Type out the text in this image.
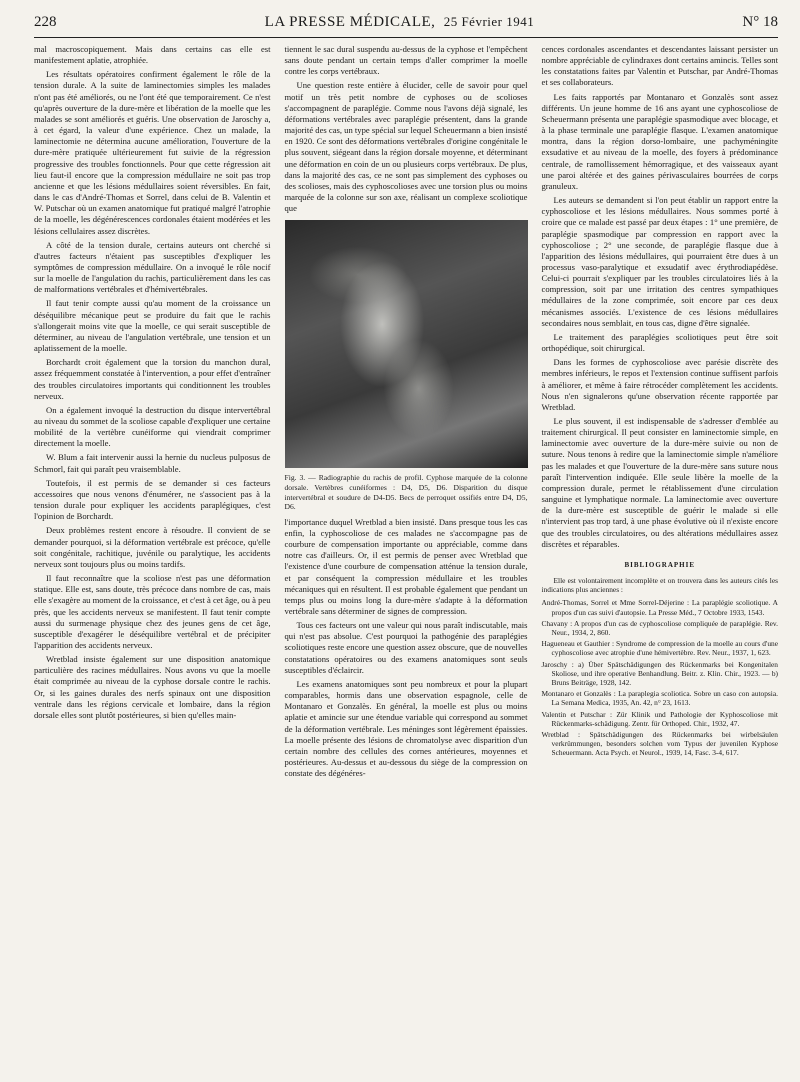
228	LA PRESSE MÉDICALE, 25 Février 1941	N° 18

mal macroscopiquement. Mais dans certains cas elle est manifestement aplatie, atrophiée.

Les résultats opératoires confirment également le rôle de la tension durale. A la suite de laminectomies simples les malades n'ont pas été améliorés, ou ne l'ont été que temporairement. Ce n'est qu'après ouverture de la dure-mère et libération de la moelle que les malades se sont améliorés et guéris. Une observation de Jaroschy a, à cet égard, la valeur d'une expérience. Chez un malade, la laminectomie ne détermina aucune amélioration, l'ouverture de la dure-mère pratiquée ultérieurement fut suivie de la régression progressive des troubles fonctionnels. Pour que cette régression ait lieu faut-il encore que la compression médullaire ne soit pas trop ancienne et que les lésions médullaires soient réversibles. En fait, dans le cas d'André-Thomas et Sorrel, dans celui de B. Valentin et W. Putschar où un examen anatomique fut pratiqué malgré l'atrophie de la moelle, les dégénérescences cordonales étaient modérées et les lésions cellulaires assez discrètes.

A côté de la tension durale, certains auteurs ont cherché si d'autres facteurs n'étaient pas susceptibles d'expliquer les symptômes de compression médullaire. On a invoqué le rôle nocif sur la moelle de l'angulation du rachis, particulièrement dans les cas de malformations vertébrales et d'hémivertébrales.

Il faut tenir compte aussi qu'au moment de la croissance un déséquilibre mécanique peut se produire du fait que le rachis s'allongerait moins vite que la moelle, ce qui serait susceptible de déterminer, au niveau de l'angulation vertébrale, une tension et un aplatissement de la moelle.

Borchardt croit également que la torsion du manchon dural, assez fréquemment constatée à l'intervention, a pour effet d'entraîner des troubles circulatoires importants qui conditionnent les troubles nerveux.

On a également invoqué la destruction du disque intervertébral au niveau du sommet de la scoliose capable d'expliquer une certaine mobilité de la vertèbre cunéiforme qui viendrait comprimer directement la moelle.

W. Blum a fait intervenir aussi la hernie du nucleus pulposus de Schmorl, fait qui paraît peu vraisemblable.

Toutefois, il est permis de se demander si ces facteurs accessoires que nous venons d'énumérer, ne s'associent pas à la tension durale pour expliquer les accidents paraplégiques, c'est l'opinion de Borchardt.

Deux problèmes restent encore à résoudre. Il convient de se demander pourquoi, si la déformation vertébrale est précoce, qu'elle soit congénitale, rachitique, juvénile ou paralytique, les accidents nerveux sont toujours plus ou moins tardifs.

Il faut reconnaître que la scoliose n'est pas une déformation statique. Elle est, sans doute, très précoce dans nombre de cas, mais elle s'exagère au moment de la croissance, et c'est à cet âge, ou à peu près, que les accidents nerveux se manifestent. Il faut tenir compte aussi du surmenage physique chez des jeunes gens de cet âge, susceptible d'exagérer le déséquilibre vertébral et de précipiter l'apparition des accidents nerveux.

Wretblad insiste également sur une disposition anatomique particulière des racines médullaires. Nous avons vu que la moelle était comprimée au niveau de la cyphose dorsale contre le rachis. Or, si les gaines durales des nerfs spinaux ont une disposition ventrale dans les régions cervicale et lombaire, dans la région dorsale elles sont plutôt postérieures, si bien qu'elles main-

tiennent le sac dural suspendu au-dessus de la cyphose et l'empêchent sans doute pendant un certain temps d'aller comprimer la moelle contre les corps vertébraux.

Une question reste entière à élucider, celle de savoir pour quel motif un très petit nombre de cyphoses ou de scolioses s'accompagnent de paraplégie. Comme nous l'avons déjà signalé, les déformations vertébrales avec paraplégie présentent, dans la grande majorité des cas, un type spécial sur lequel Scheuermann a bien insisté en 1920. Ce sont des déformations vertébrales d'origine congénitale le plus souvent, siégeant dans la région dorsale moyenne, et déterminant une déformation en coin de un ou plusieurs corps vertébraux. De plus, dans la majorité des cas, ce ne sont pas simplement des cyphoses ou des scolioses, mais des cyphoscolioses avec une torsion plus ou moins marquée de la colonne sur son axe, réalisant un complexe scoliotique que

Fig. 3. — Radiographie du rachis de profil. Cyphose marquée de la colonne dorsale. Vertèbres cunéiformes : D4, D5, D6. Disparition du disque intervertébral et soudure de D4-D5. Becs de perroquet ossifiés entre D4, D5, D6.

l'importance duquel Wretblad a bien insisté. Dans presque tous les cas enfin, la cyphoscoliose de ces malades ne s'accompagne pas de courbure de compensation importante ou appréciable, comme dans notre cas d'ailleurs. Or, il est permis de penser avec Wretblad que l'existence d'une courbure de compensation atténue la tension durale, et par conséquent la compression médullaire et les troubles mécaniques qui en résultent. Il est probable également que pendant un temps plus ou moins long la dure-mère s'adapte à la déformation vertébrale sans déterminer de signes de compression.

Tous ces facteurs ont une valeur qui nous paraît indiscutable, mais qui n'est pas absolue. C'est pourquoi la pathogénie des paraplégies scoliotiques reste encore une question assez obscure, que de nouvelles constatations opératoires ou des examens anatomiques sont seuls susceptibles d'éclaircir.

Les examens anatomiques sont peu nombreux et pour la plupart comparables, hormis dans une observation espagnole, celle de Montanaro et Gonzalès. En général, la moelle est plus ou moins aplatie et amincie sur une étendue variable qui correspond au sommet de la déformation vertébrale. Les méninges sont légèrement épaissies. La moelle présente des lésions de chromatolyse avec disparition d'un certain nombre des cellules des cornes antérieures, moyennes et postérieures. Au-dessus et au-dessous du siège de la compression on constate des dégénéres-

cences cordonales ascendantes et descendantes laissant persister un nombre appréciable de cylindraxes dont certains amincis. Telles sont les constatations faites par Valentin et Putschar, par André-Thomas et ses collaborateurs.

Les faits rapportés par Montanaro et Gonzalès sont assez différents. Un jeune homme de 16 ans ayant une cyphoscoliose de Scheuermann présenta une paraplégie spasmodique avec blocage, et à la phase terminale une paraplégie flasque. L'examen anatomique montra, dans la région dorso-lombaire, une pachyméningite exsudative et au niveau de la moelle, des foyers à prédominance centrale, de ramollissement hémorragique, et des vaisseaux ayant une paroi altérée et des gaines périvasculaires bourrées de corps granuleux.

Les auteurs se demandent si l'on peut établir un rapport entre la cyphoscoliose et les lésions médullaires. Nous sommes porté à croire que ce malade est passé par deux étapes : 1° une première, de paraplégie spasmodique par compression en rapport avec la cyphoscoliose ; 2° une seconde, de paraplégie flasque due à l'apparition des lésions médullaires, qui pourraient être dues à un processus vaso-paralytique et exsudatif avec érythrodiapédèse. Celui-ci pourrait s'expliquer par les troubles circulatoires liés à la compression, soit par une irritation des centres sympathiques médullaires de la zone comprimée, soit encore par ces deux mécanismes associés. L'existence de ces lésions médullaires secondaires nous semblait, en tous cas, digne d'être signalée.

Le traitement des paraplégies scoliotiques peut être soit orthopédique, soit chirurgical.

Dans les formes de cyphoscoliose avec parésie discrète des membres inférieurs, le repos et l'extension continue suffisent parfois à améliorer, et même à faire rétrocéder complètement les accidents. Nous n'en signalerons qu'une observation récente rapportée par Wretblad.

Le plus souvent, il est indispensable de s'adresser d'emblée au traitement chirurgical. Il peut consister en laminectomie simple, en laminectomie avec ouverture de la dure-mère suivie ou non de suture. Nous tenons à redire que la laminectomie simple n'améliore pas les malades et que l'ouverture de la dure-mère sans suture nous paraît l'intervention indiquée. Elle seule libère la moelle de la compression durale, permet le rétablissement d'une circulation sanguine et lymphatique normale. La laminectomie avec ouverture de la dure-mère est susceptible de guérir le malade si elle n'intervient pas trop tard, à une phase évolutive où il n'existe encore que des troubles circulatoires, ou des altérations médullaires assez discrètes et réparables.

BIBLIOGRAPHIE

Elle est volontairement incomplète et on trouvera dans les auteurs cités les indications plus anciennes :

André-Thomas, Sorrel et Mme Sorrel-Déjerine : La paraplégie scoliotique. A propos d'un cas suivi d'autopsie. La Presse Méd., 7 Octobre 1933, 1543.

Chavany : A propos d'un cas de cyphoscoliose compliquée de paraplégie. Rev. Neur., 1934, 2, 860.

Hagueneau et Gauthier : Syndrome de compression de la moelle au cours d'une cyphoscoliose avec atrophie d'une hémivertèbre. Rev. Neur., 1937, 1, 623.

Jaroschy : a) Über Spätschädigungen des Rückenmarks bei Kongenitalen Skoliose, und ihre operative Benhandlung. Beitr. z. Klin. Chir., 1923. — b) Bruns Beiträge, 1928, 142.

Montanaro et Gonzalès : La paraplegia scoliotica. Sobre un caso con autopsia. La Semana Medica, 1935, An. 42, n° 23, 1613.

Valentin et Putschar : Zür Klinik und Pathologie der Kyphoscoliose mit Rückenmarks-schädigung. Zentr. für Orthoped. Chir., 1932, 47.

Wretblad : Spätschädigungen des Rückenmarks bei wirbelsäulen verkrümmungen, besonders solchen vom Typus der juvenilen Kyphose Scheuermann. Acta Psych. et Neurol., 1939, 14, Fasc. 3-4, 617.
